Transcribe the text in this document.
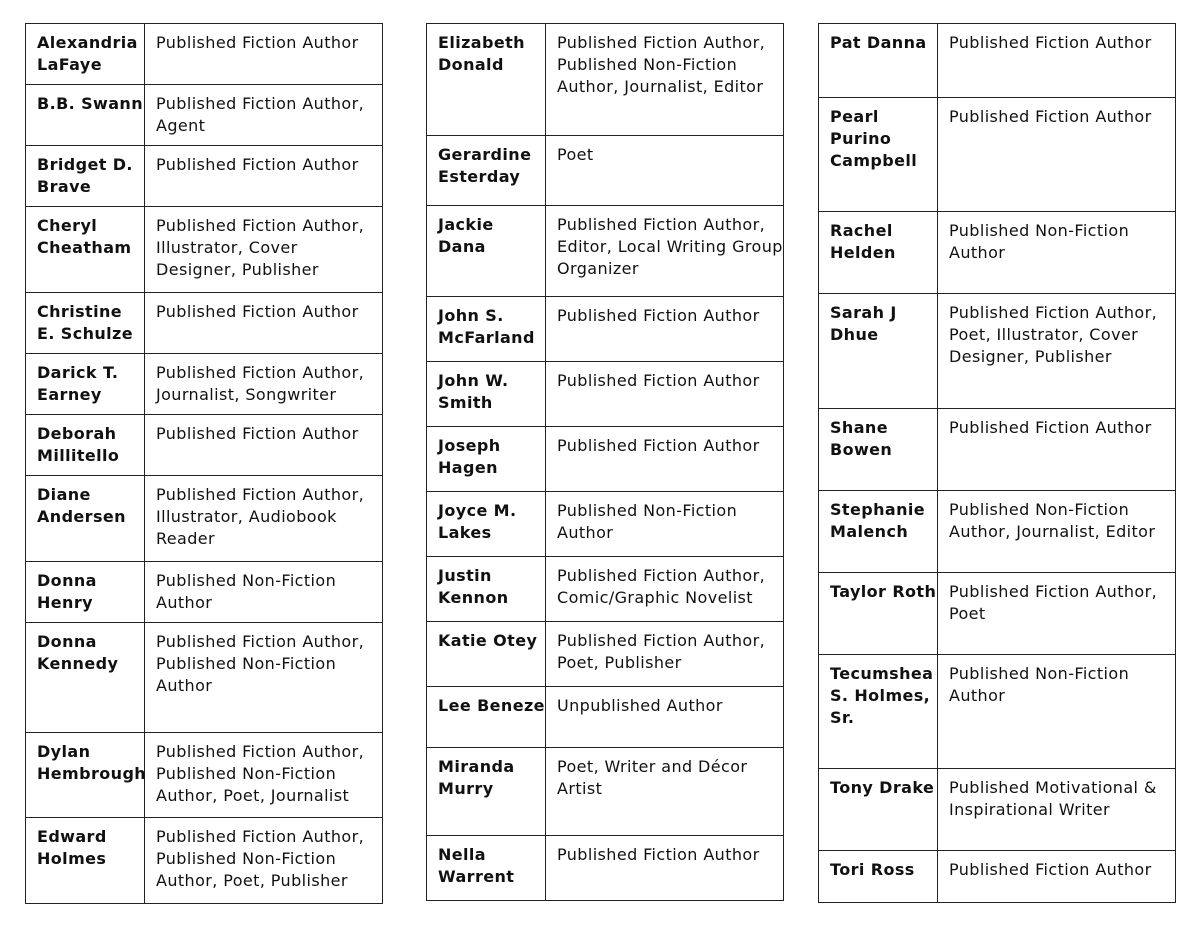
Alexandria LaFaye	Published Fiction Author
B.B. Swann	Published Fiction Author, Agent
Bridget D. Brave	Published Fiction Author
Cheryl Cheatham	Published Fiction Author, Illustrator, Cover Designer, Publisher
Christine E. Schulze	Published Fiction Author
Darick T. Earney	Published Fiction Author, Journalist, Songwriter
Deborah Millitello	Published Fiction Author
Diane Andersen	Published Fiction Author, Illustrator, Audiobook Reader
Donna Henry	Published Non-Fiction Author
Donna Kennedy	Published Fiction Author, Published Non-Fiction Author
Dylan Hembrough	Published Fiction Author, Published Non-Fiction Author, Poet, Journalist
Edward Holmes	Published Fiction Author, Published Non-Fiction Author, Poet, Publisher
Elizabeth Donald	Published Fiction Author, Published Non-Fiction Author, Journalist, Editor
Gerardine Esterday	Poet
Jackie Dana	Published Fiction Author, Editor, Local Writing Group Organizer
John S. McFarland	Published Fiction Author
John W. Smith	Published Fiction Author
Joseph Hagen	Published Fiction Author
Joyce M. Lakes	Published Non-Fiction Author
Justin Kennon	Published Fiction Author, Comic/Graphic Novelist
Katie Otey	Published Fiction Author, Poet, Publisher
Lee Beneze	Unpublished Author
Miranda Murry	Poet, Writer and Décor Artist
Nella Warrent	Published Fiction Author
Pat Danna	Published Fiction Author
Pearl Purino Campbell	Published Fiction Author
Rachel Helden	Published Non-Fiction Author
Sarah J Dhue	Published Fiction Author, Poet, Illustrator, Cover Designer, Publisher
Shane Bowen	Published Fiction Author
Stephanie Malench	Published Non-Fiction Author, Journalist, Editor
Taylor Roth	Published Fiction Author, Poet
Tecumshea S. Holmes, Sr.	Published Non-Fiction Author
Tony Drake	Published Motivational & Inspirational Writer
Tori Ross	Published Fiction Author
